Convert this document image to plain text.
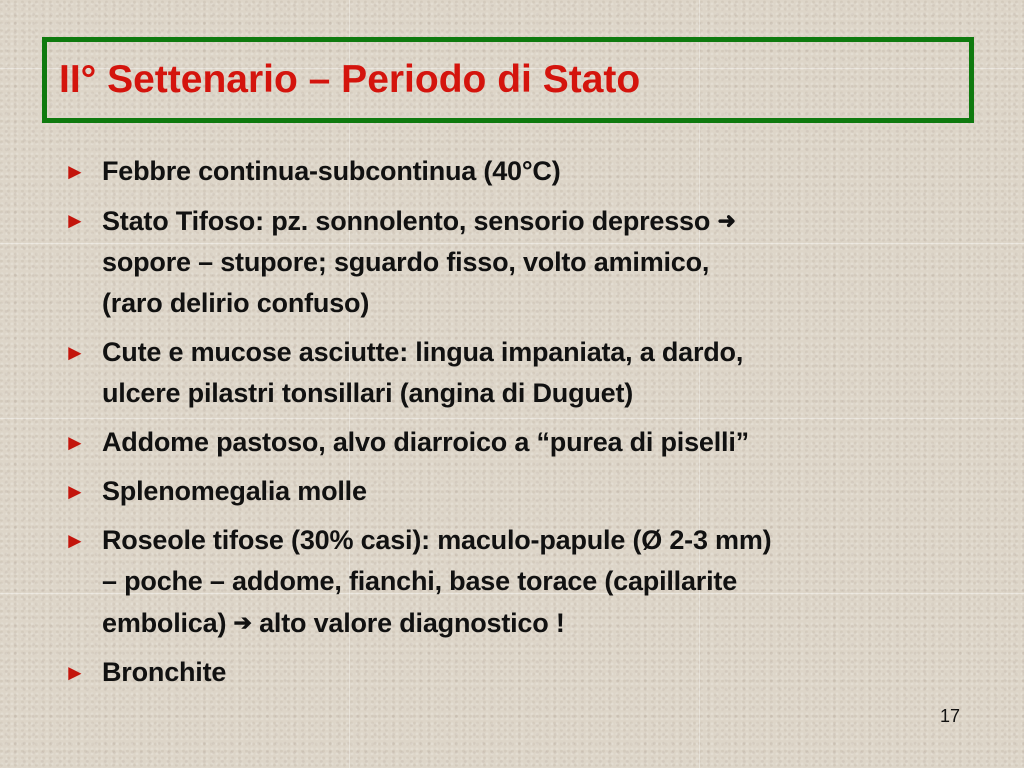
II° Settenario – Periodo di Stato
► Febbre continua-subcontinua (40°C)
► Stato Tifoso: pz. sonnolento, sensorio depresso ➜
sopore – stupore; sguardo fisso, volto amimico,
(raro delirio confuso)
► Cute e mucose asciutte: lingua impaniata, a dardo,
ulcere pilastri tonsillari (angina di Duguet)
► Addome pastoso, alvo diarroico a “purea di piselli”
► Splenomegalia molle
► Roseole tifose (30% casi): maculo-papule (Ø 2-3 mm)
– poche – addome, fianchi, base torace (capillarite
embolica) ➔ alto valore diagnostico !
► Bronchite
17
